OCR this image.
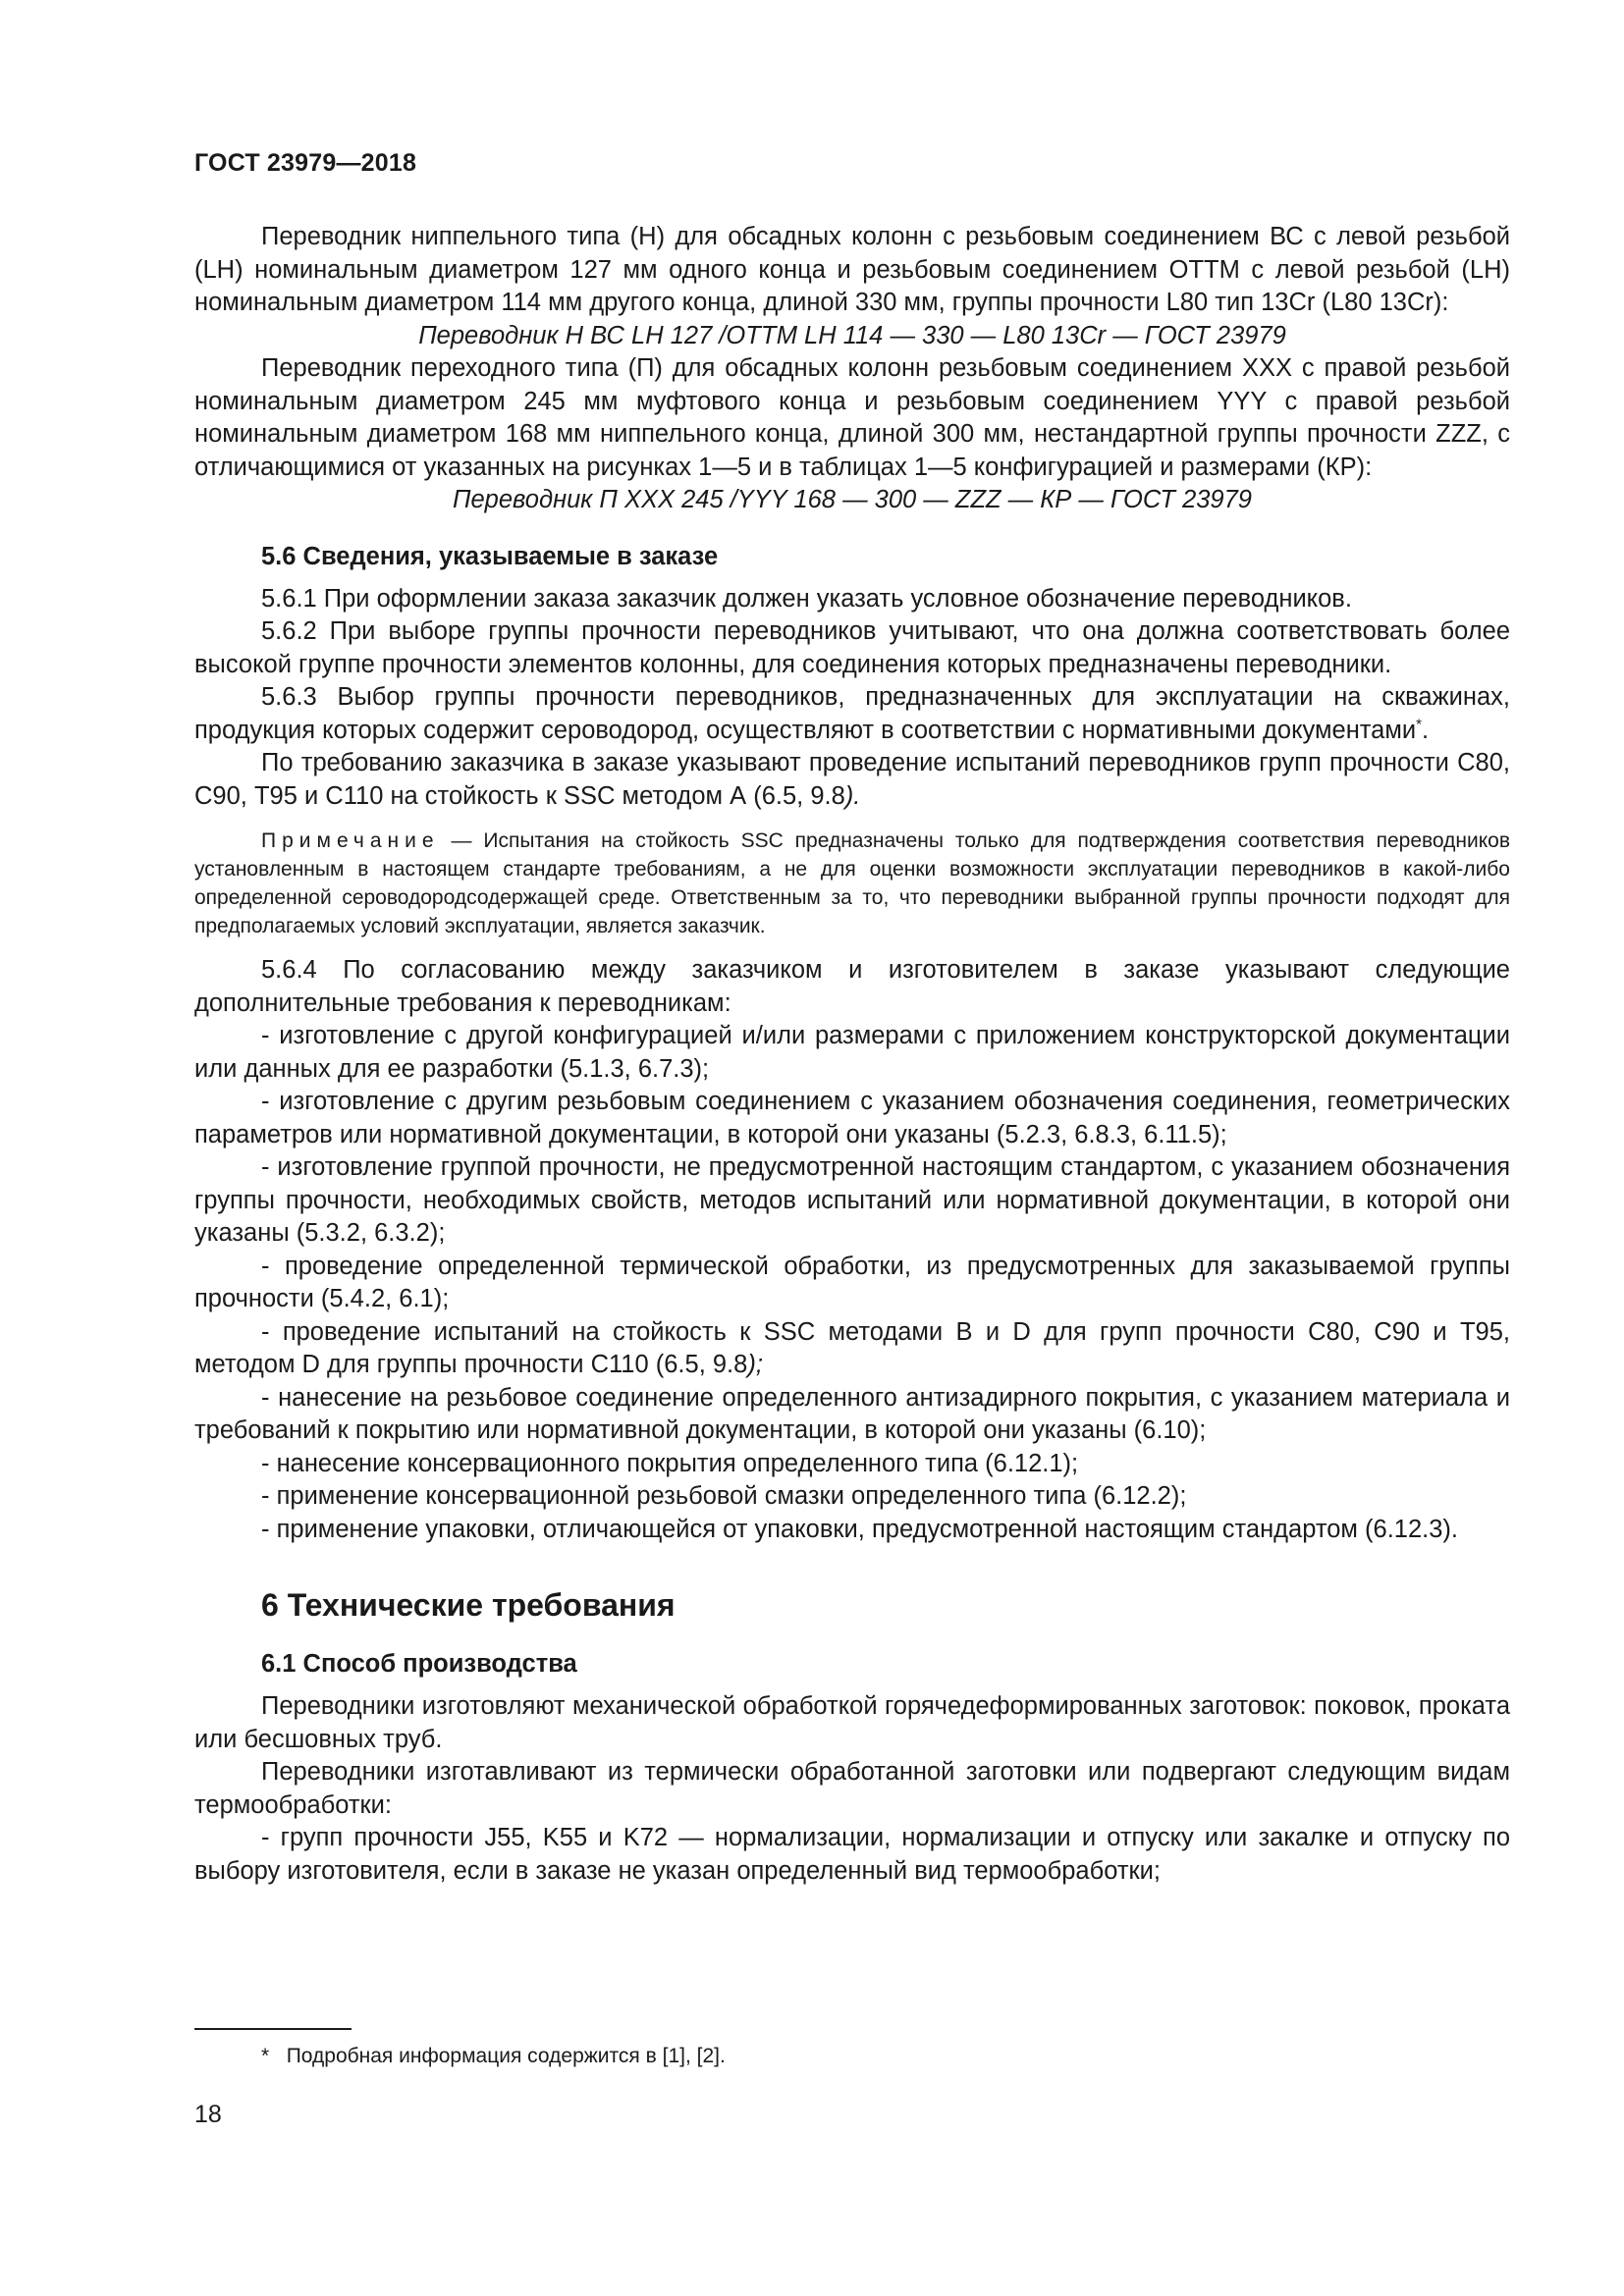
ГОСТ 23979—2018

Переводник ниппельного типа (Н) для обсадных колонн с резьбовым соединением ВС с левой резьбой (LH) номинальным диаметром 127 мм одного конца и резьбовым соединением ОТТМ с левой резьбой (LH) номинальным диаметром 114 мм другого конца, длиной 330 мм, группы прочности L80 тип 13Cr (L80 13Cr):

Переводник Н ВС LH 127 /ОТТМ LH 114 — 330 — L80 13Cr — ГОСТ 23979

Переводник переходного типа (П) для обсадных колонн резьбовым соединением ХХХ с правой резьбой номинальным диаметром 245 мм муфтового конца и резьбовым соединением YYY с правой резьбой номинальным диаметром 168 мм ниппельного конца, длиной 300 мм, нестандартной группы прочности ZZZ, с отличающимися от указанных на рисунках 1—5 и в таблицах 1—5 конфигурацией и размерами (КР):

Переводник П ХХХ 245 /YYY 168 — 300 — ZZZ — КР — ГОСТ 23979

5.6 Сведения, указываемые в заказе

5.6.1 При оформлении заказа заказчик должен указать условное обозначение переводников.

5.6.2 При выборе группы прочности переводников учитывают, что она должна соответствовать более высокой группе прочности элементов колонны, для соединения которых предназначены переводники.

5.6.3 Выбор группы прочности переводников, предназначенных для эксплуатации на скважинах, продукция которых содержит сероводород, осуществляют в соответствии с нормативными документами*.

По требованию заказчика в заказе указывают проведение испытаний переводников групп прочности С80, С90, Т95 и С110 на стойкость к SSC методом А (6.5, 9.8).

Примечание — Испытания на стойкость SSC предназначены только для подтверждения соответствия переводников установленным в настоящем стандарте требованиям, а не для оценки возможности эксплуатации переводников в какой-либо определенной сероводородсодержащей среде. Ответственным за то, что переводники выбранной группы прочности подходят для предполагаемых условий эксплуатации, является заказчик.

5.6.4 По согласованию между заказчиком и изготовителем в заказе указывают следующие дополнительные требования к переводникам:

- изготовление с другой конфигурацией и/или размерами с приложением конструкторской документации или данных для ее разработки (5.1.3, 6.7.3);

- изготовление с другим резьбовым соединением с указанием обозначения соединения, геометрических параметров или нормативной документации, в которой они указаны (5.2.3, 6.8.3, 6.11.5);

- изготовление группой прочности, не предусмотренной настоящим стандартом, с указанием обозначения группы прочности, необходимых свойств, методов испытаний или нормативной документации, в которой они указаны (5.3.2, 6.3.2);

- проведение определенной термической обработки, из предусмотренных для заказываемой группы прочности (5.4.2, 6.1);

- проведение испытаний на стойкость к SSC методами В и D для групп прочности С80, С90 и Т95, методом D для группы прочности С110 (6.5, 9.8);

- нанесение на резьбовое соединение определенного антизадирного покрытия, с указанием материала и требований к покрытию или нормативной документации, в которой они указаны (6.10);

- нанесение консервационного покрытия определенного типа (6.12.1);

- применение консервационной резьбовой смазки определенного типа (6.12.2);

- применение упаковки, отличающейся от упаковки, предусмотренной настоящим стандартом (6.12.3).

6 Технические требования
6.1 Способ производства

Переводники изготовляют механической обработкой горячедеформированных заготовок: поковок, проката или бесшовных труб.

Переводники изготавливают из термически обработанной заготовки или подвергают следующим видам термообработки:

- групп прочности J55, K55 и K72 — нормализации, нормализации и отпуску или закалке и отпуску по выбору изготовителя, если в заказе не указан определенный вид термообработки;

* Подробная информация содержится в [1], [2].
18
